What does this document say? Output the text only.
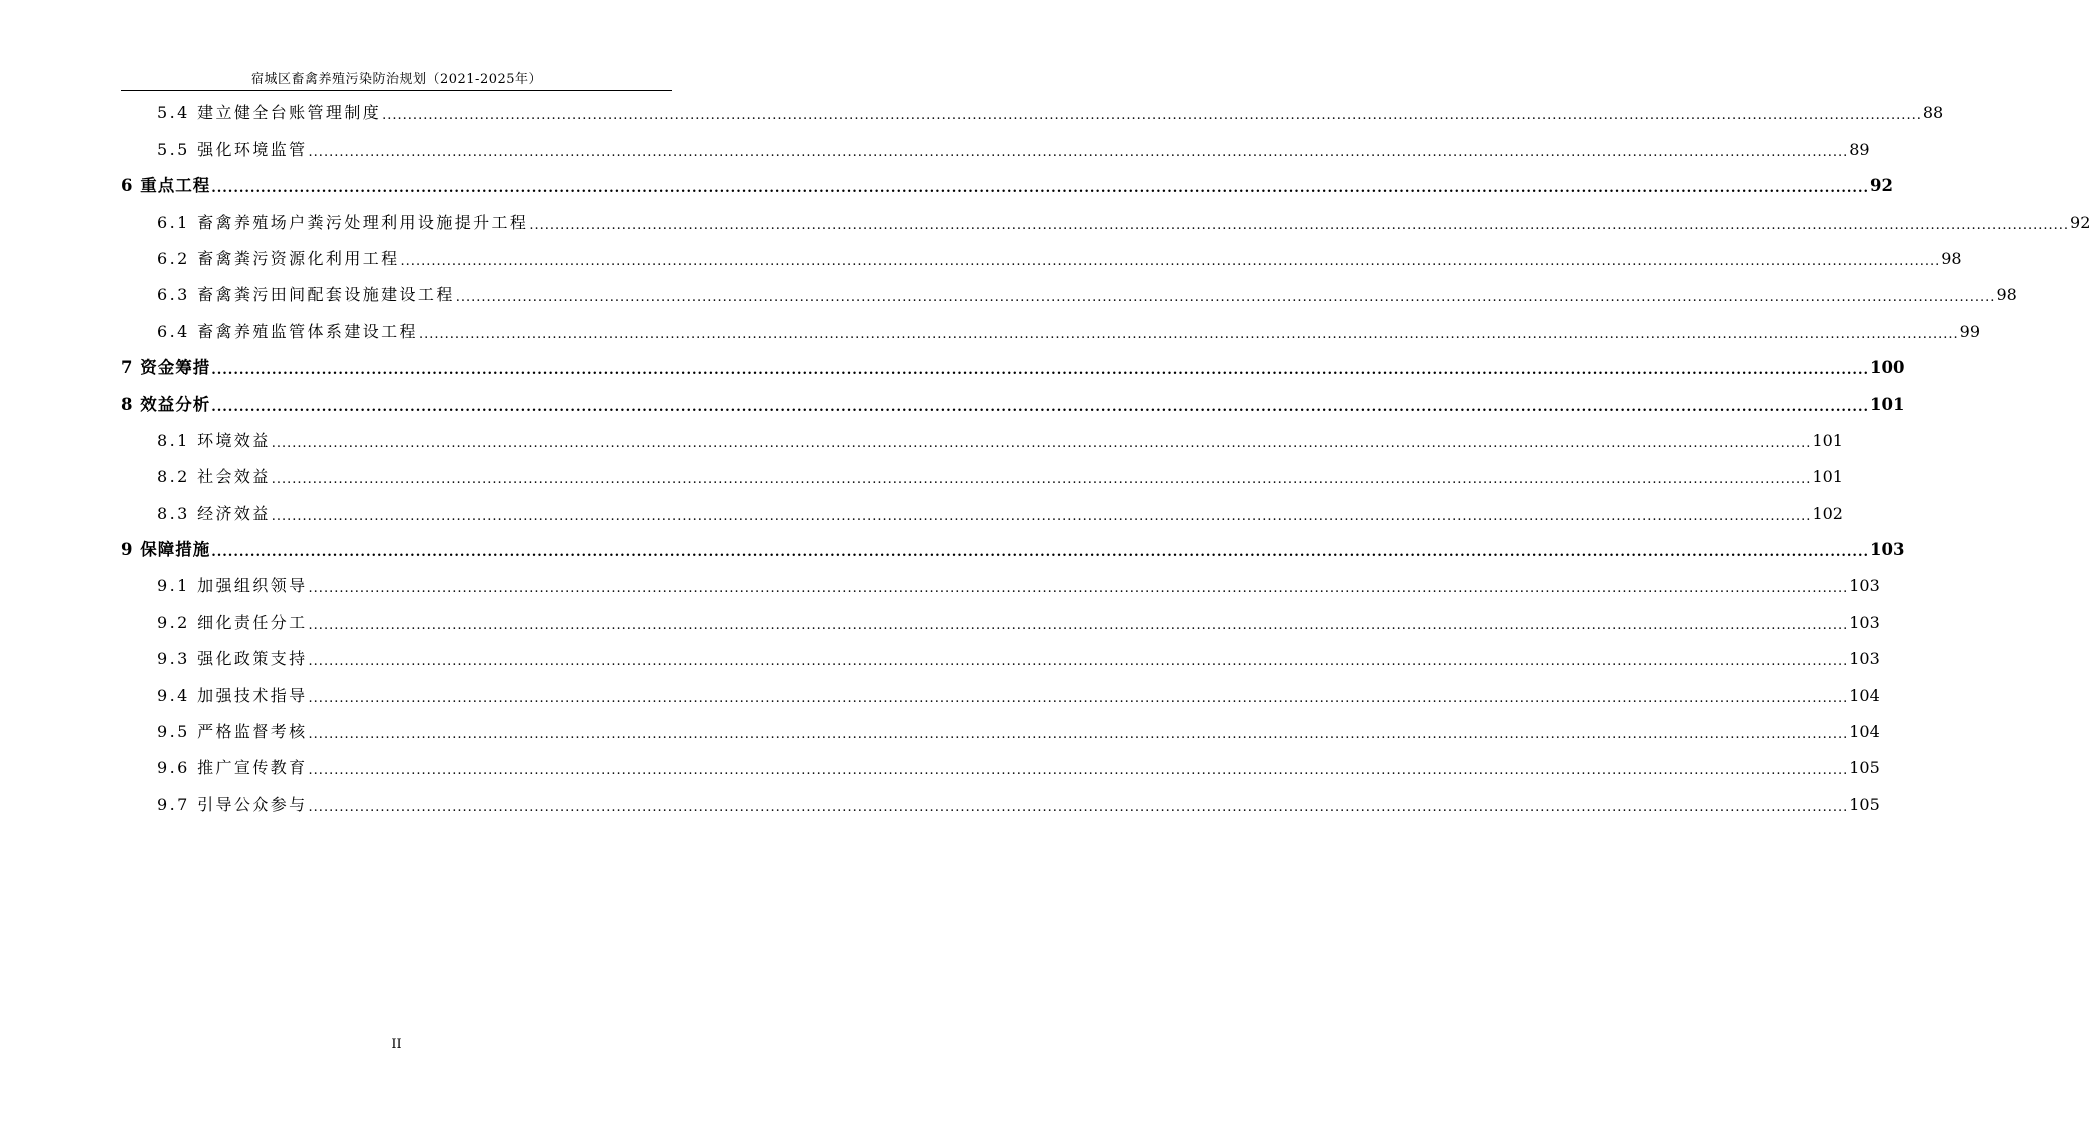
宿城区畜禽养殖污染防治规划（2021-2025年）
5.4 建立健全台账管理制度 ............................................................................................................................................................................................................................................................................................................ 88
5.5 强化环境监管 ............................................................................................................................................................................................................................................................................................................ 89
6 重点工程 ............................................................................................................................................................................................................................................................................................................ 92
6.1 畜禽养殖场户粪污处理利用设施提升工程 ............................................................................................................................................................................................................................................................................................................ 92
6.2 畜禽粪污资源化利用工程 ............................................................................................................................................................................................................................................................................................................ 98
6.3 畜禽粪污田间配套设施建设工程 ............................................................................................................................................................................................................................................................................................................ 98
6.4 畜禽养殖监管体系建设工程 ............................................................................................................................................................................................................................................................................................................ 99
7 资金筹措 ............................................................................................................................................................................................................................................................................................................ 100
8 效益分析 ............................................................................................................................................................................................................................................................................................................ 101
8.1 环境效益 ............................................................................................................................................................................................................................................................................................................ 101
8.2 社会效益 ............................................................................................................................................................................................................................................................................................................ 101
8.3 经济效益 ............................................................................................................................................................................................................................................................................................................ 102
9 保障措施 ............................................................................................................................................................................................................................................................................................................ 103
9.1 加强组织领导 ............................................................................................................................................................................................................................................................................................................ 103
9.2 细化责任分工 ............................................................................................................................................................................................................................................................................................................ 103
9.3 强化政策支持 ............................................................................................................................................................................................................................................................................................................ 103
9.4 加强技术指导 ............................................................................................................................................................................................................................................................................................................ 104
9.5 严格监督考核 ............................................................................................................................................................................................................................................................................................................ 104
9.6 推广宣传教育 ............................................................................................................................................................................................................................................................................................................ 105
9.7 引导公众参与 ............................................................................................................................................................................................................................................................................................................ 105
II
